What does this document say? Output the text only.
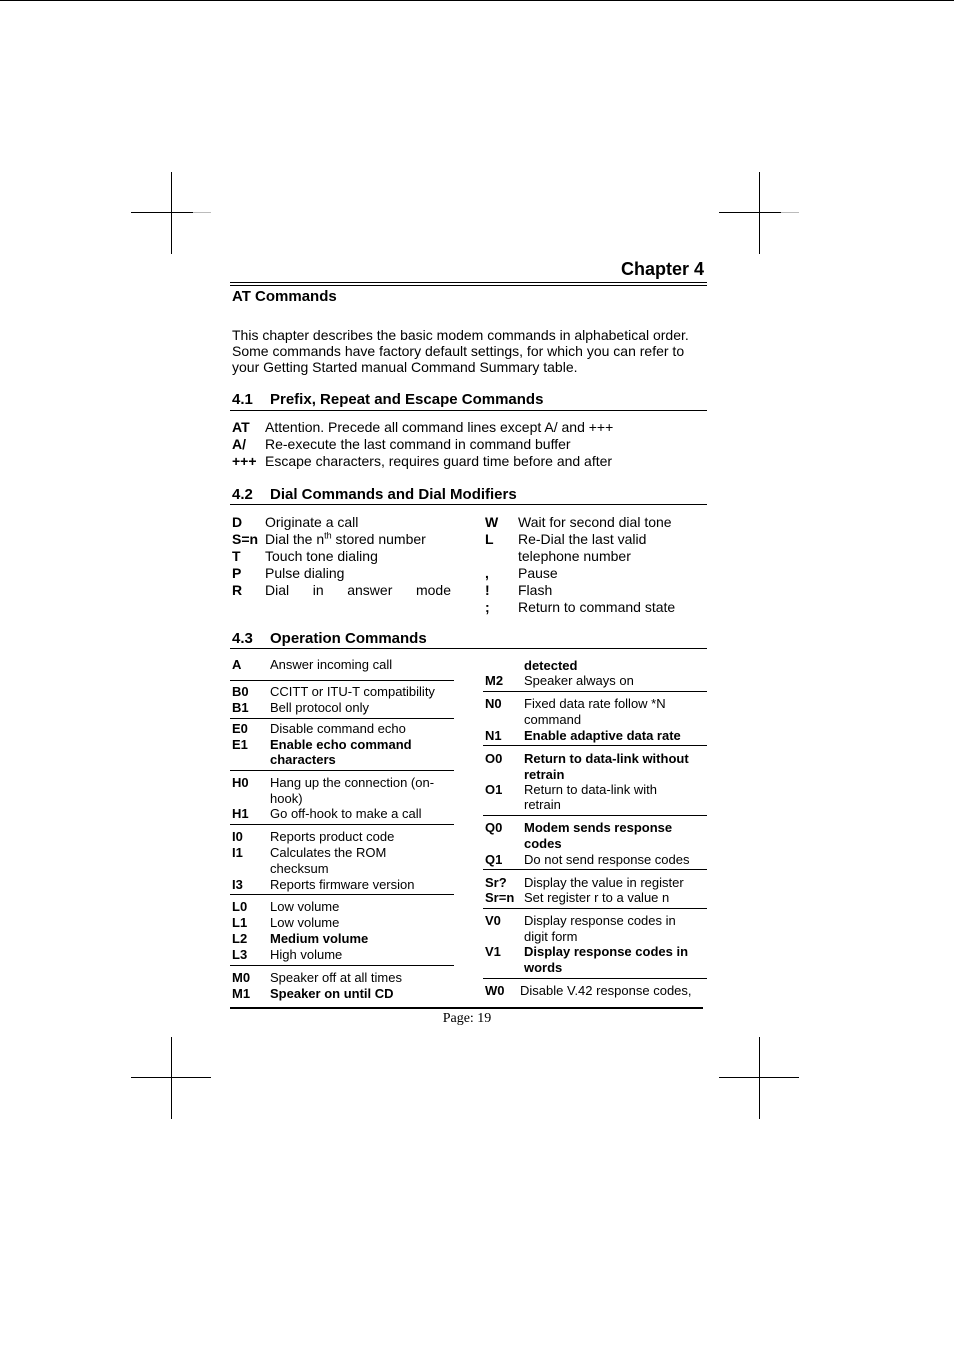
Chapter 4
AT Commands
This chapter describes the basic modem commands in alphabetical order. Some commands have factory default settings, for which you can refer to your Getting Started manual Command Summary table.
4.1 Prefix, Repeat and Escape Commands
AT Attention. Precede all command lines except A/ and +++
A/ Re-execute the last command in command buffer
+++ Escape characters, requires guard time before and after
4.2 Dial Commands and Dial Modifiers
D Originate a call
S=n Dial the $n^{th}$ stored number
T Touch tone dialing
P Pulse dialing
R Dial in answer mode
W Wait for second dial tone
L Re-Dial the last valid
telephone number
, Pause
! Flash
; Return to command state
4.3 Operation Commands
A Answer incoming call
B0 CCITT or ITU-T compatibility
B1 Bell protocol only
E0 Disable command echo
E1 Enable echo command
characters
H0 Hang up the connection (on-
hook)
H1 Go off-hook to make a call
I0 Reports product code
I1 Calculates the ROM
checksum
I3 Reports firmware version
L0 Low volume
L1 Low volume
L2 Medium volume
L3 High volume
M0 Speaker off at all times
M1 Speaker on until CD
detected
M2 Speaker always on
N0 Fixed data rate follow *N
command
N1 Enable adaptive data rate
O0 Return to data-link without
retrain
O1 Return to data-link with
retrain
Q0 Modem sends response
codes
Q1 Do not send response codes
Sr? Display the value in register
Sr=n Set register r to a value n
V0 Display response codes in
digit form
V1 Display response codes in
words
W0 Disable V.42 response codes,
Page: 19
